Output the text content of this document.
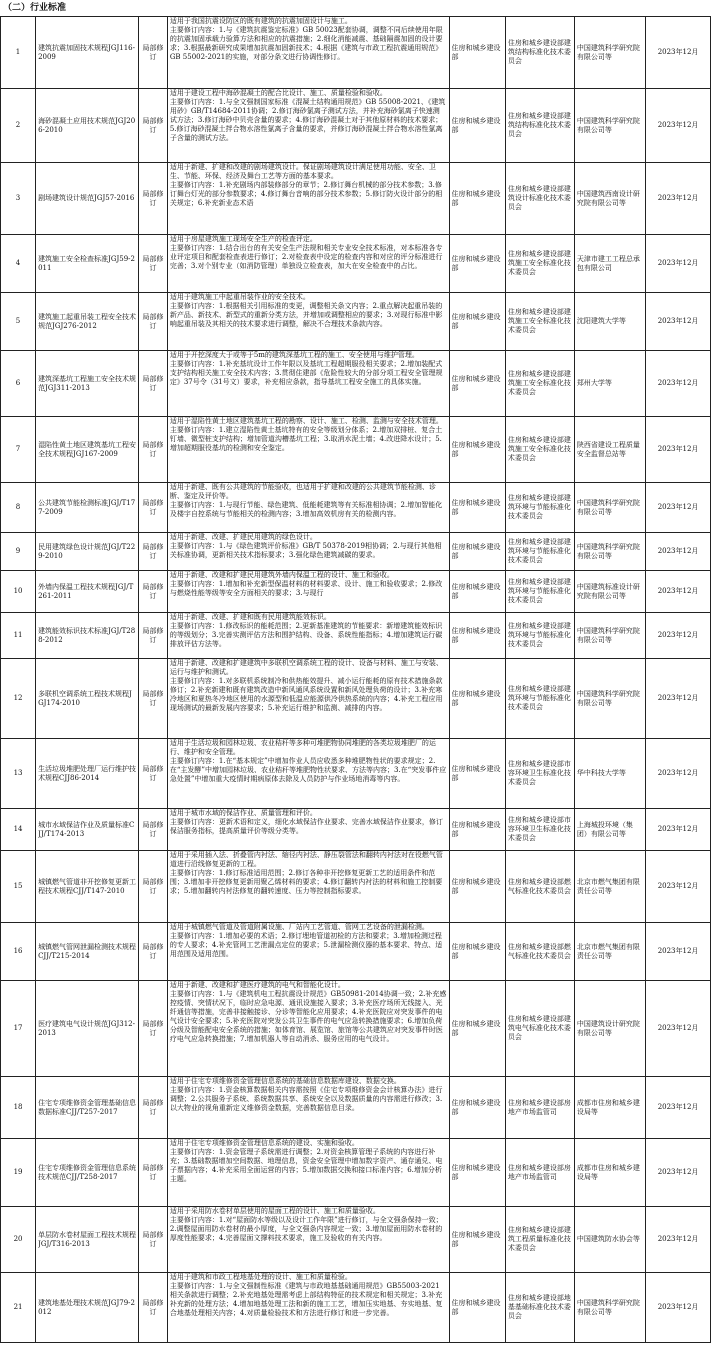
（二）行业标准
1	建筑抗震加固技术规程JGJ116-2009	局部修订	适用于我国抗震设防区的既有建筑的抗震加固设计与施工。
主要修订内容：1.与《建筑抗震鉴定标准》GB 50023配套协调，调整不同后续使用年限的抗震加固承载力验算方法和相应的抗震措施；2.细化消能减震、基础隔震加固的设计要求；3.根据最新研究成果增加抗震加固新技术；4.根据《建筑与市政工程抗震通用规范》GB 55002-2021的实施，对部分条文进行协调性修订。	住房和城乡建设部	住房和城乡建设部建筑结构标准化技术委员会	中国建筑科学研究院有限公司等	2023年12月

2	海砂混凝土应用技术规范JGJ206-2010	局部修订	适用于建设工程中海砂混凝土的配合比设计、施工、质量检验和验收。
主要修订内容：1.与全文强制国家标准《混凝土结构通用规范》GB 55008-2021、《建筑用砂》GB/T14684-2011协调；2.修订海砂氯离子测试方法，并补充海砂氯离子快速测试方法；3.修订海砂中贝壳含量的要求；4.修订海砂混凝土对于其他原材料的技术要求；5.修订海砂混凝土拌合物水溶性氯离子含量的要求，并修订海砂混凝土拌合物水溶性氯离子含量的测试方法。	住房和城乡建设部	住房和城乡建设部建筑结构标准化技术委员会	中国建筑科学研究院有限公司等	2023年12月

3	剧场建筑设计规范JGJ57-2016	局部修订	适用于新建、扩建和改建的剧场建筑设计。保证剧场建筑设计满足使用功能、安全、卫生、节能、环保、经济及舞台工艺等方面的基本要求。
主要修订内容：1.补充剧场内部装修部分的章节；2.修订舞台机械的部分技术参数；3.修订舞台灯光的部分参数要求；4.修订舞台音响的部分技术参数；5.修订防火设计部分的相关规定；6.补充新业态术语	住房和城乡建设部	住房和城乡建设部建筑设计标准化技术委员会	中国建筑西南设计研究院有限公司等	2023年12月

4	建筑施工安全检查标准JGJ59-2011	局部修订	适用于房屋建筑施工现场安全生产的检查评定。
主要修订内容：1.结合出台的有关安全生产法规和相关专业安全技术标准，对本标准各专业评定项目和配套检查表进行修订；2.对检查表中设定的检查内容和对应的评分标准进行完善；3.对个别专业（如消防管理）单独设立检查表，加大在安全检查中的占比。	住房和城乡建设部	住房和城乡建设部建筑施工安全标准化技术委员会	天津市建工工程总承包有限公司	2023年12月

5	建筑施工起重吊装工程安全技术规范JGJ276-2012	局部修订	适用于建筑施工中起重吊装作业的安全技术。
主要修订内容：1.根据相关引用标准的变更，调整相关条文内容；2.重点解决起重吊装的新产品、新技术、新型式的重新分类方法，并增加或调整相应的要求；3.对现行标准中影响起重吊装及其相关的技术要求进行调整，解决不合理技术条款内容。	住房和城乡建设部	住房和城乡建设部建筑施工安全标准化技术委员会	沈阳建筑大学等	2023年12月

6	建筑深基坑工程施工安全技术规范JGJ311-2013	局部修订	适用于开挖深度大于或等于5m的建筑深基坑工程的施工、安全使用与维护管理。
主要修订内容：1.补充基坑设计工作年限以及基坑工程超期服役相关要求；2.增加装配式支护结构相关施工安全技术内容；3.贯彻住建部《危险性较大的分部分项工程安全管理规定》37号令（31号文）要求，补充相应条款，指导基坑工程安全施工的具体实施。	住房和城乡建设部	住房和城乡建设部建筑施工安全标准化技术委员会	郑州大学等	2023年12月

7	湿陷性黄土地区建筑基坑工程安全技术规程JGJ167-2009	局部修订	适用于湿陷性黄土地区建筑基坑工程的勘察、设计、施工、检测、监测与安全技术管理。
主要修订内容：1.建立湿陷性黄土基坑特有的安全等级划分体系；2.增加双排桩、复合土钉墙、微型桩支护结构；增加管道沟槽基坑工程；3.取消水泥土墙；4.改进降水设计；5.增加超期服役基坑的检测和安全鉴定。	住房和城乡建设部	住房和城乡建设部建筑施工安全标准化技术委员会	陕西省建设工程质量安全监督总站等	2023年12月

8	公共建筑节能检测标准JGJ/T177-2009	局部修订	适用于新建、既有公共建筑的节能验收，也适用于扩建和改建的公共建筑节能检测、诊断、鉴定及评价等。
主要修订内容：1.与现行节能、绿色建筑、低能耗建筑等有关标准相协调；2.增加智能化及楼宇自控系统与节能相关的检测内容；3.增加高效机房有关的检测内容。	住房和城乡建设部	住房和城乡建设部建筑环境与节能标准化技术委员会	中国建筑科学研究院有限公司等	2023年12月

9	民用建筑绿色设计规范JGJ/T229-2010	局部修订	适用于新建、改建、扩建民用建筑的绿色设计。
主要修订内容：1.与《绿色建筑评价标准》GB/T 50378-2019相协调；2.与现行其他相关标准协调，更新相关技术指标要求；3.强化绿色建筑减碳的要求。	住房和城乡建设部	住房和城乡建设部建筑环境与节能标准化技术委员会	中国建筑科学研究院有限公司等	2023年12月

10	外墙内保温工程技术规程JGJ/T261-2011	局部修订	适用于新建、改建和扩建民用建筑外墙内保温工程的设计、施工和验收。
主要修订内容：1.增加和补充新型保温材料的材料要求、设计、施工和验收要求；2.修改与燃烧性能等级等安全方面相关的要求；3.与现行	住房和城乡建设部	住房和城乡建设部建筑环境与节能标准化技术委员会	中国建筑标准设计研究院有限公司等	2023年12月

11	建筑能效标识技术标准JGJ/T288-2012	局部修订	适用于新建、改建、扩建和既有民用建筑能效标识。
主要修订内容：1.修改标识的能耗范围；2.更新基准建筑的节能要求：新增建筑能效标识的等级划分；3.完善实测评估方法和围护结构、设备、系统性能指标；4.增加建筑运行碳排放评估方法等。	住房和城乡建设部	住房和城乡建设部建筑环境与节能标准化技术委员会	中国建筑科学研究院有限公司等	2023年12月

12	多联机空调系统工程技术规程JGJ174-2010	局部修订	适用于新建、改建和扩建建筑中多联机空调系统工程的设计、设备与材料、施工与安装、运行与维护和测试。
主要修订内容：1.对多联机系统制冷和供热能效提升、减小运行能耗的原有技术措施条款修订；2.补充新建和既有建筑改造中新风通风系统设置和新风处理负荷的设计；3.补充寒冷地区和夏热冬冷地区使用的水源型和低温应能源供冷供热系统的内容；4.补充工程应用现场测试的最新发展内容要求；5.补充运行维护和监测、减排的内容。	住房和城乡建设部	住房和城乡建设部建筑环境与节能标准化技术委员会	中国建筑科学研究院有限公司等	2023年12月

13	生活垃圾堆肥处理厂运行维护技术规程CJJ86-2014	局部修订	适用于生活垃圾和园林垃圾、农业秸秆等多种可堆肥物协同堆肥的各类垃圾堆肥厂的运行、维护和安全管理。
主要修订内容：1.在“基本规定”中增加作业人员应收悉多种堆肥物性状的要求规定；2.在“主发酵”中增加园林垃圾、农业秸秆等堆肥物性状要求、方法等内容；3.在“突发事件应急处置”中增加重大疫情时期病原体去除及人员防护与作业场地消毒等内容。	住房和城乡建设部	住房和城乡建设部市容环境卫生标准化技术委员会	华中科技大学等	2023年12月

14	城市水域保洁作业及质量标准CJJ/T174-2013	局部修订	适用于城市水域的保洁作业、质量管理和评价。
主要修订内容：更新术语和定义，细化水域保洁作业要求、完善水域保洁作业要求，修订保洁服务指标，提高质量评价等级分类等。	住房和城乡建设部	住房和城乡建设部市容环境卫生标准化技术委员会	上海城投环境（集团）有限公司等	2023年12月

15	城镇燃气管道非开挖修复更新工程技术规程CJJ/T147-2010	局部修订	适用于采用插入法、折叠管内衬法、缩径内衬法、静压裂管法和翻转内衬法对在役燃气管道进行沿线修复更新的工程。
主要修订内容：1.修订标准适用范围；2.修订各种非开挖修复更新工艺的适用条件和范围；3.增加非开挖修复更新用聚乙烯材料的要求；4.修订翻转内衬法的材料和施工控制要求；5.增加翻转内衬法修复的翻转速度、压力等控制指标要求。	住房和城乡建设部	住房和城乡建设部燃气标准化技术委员会	北京市燃气集团有限责任公司等	2023年12月

16	城镇燃气管网泄漏检测技术规程CJJ/T215-2014	局部修订	适用于城镇燃气管道及管道附属设施、厂站内工艺管道、管网工艺设备的泄漏检测。
主要修订内容：1.增加必要的术语；2.修订埋地管道初检的方法和要求；3.增加检测过程的专人要求；4.补充管网工艺泄漏点定位的要求；5.泄漏检测仪器的基本要求、特点、适用范围及适用范围。	住房和城乡建设部	住房和城乡建设部燃气标准化技术委员会	北京市燃气集团有限责任公司等	2023年12月

17	医疗建筑电气设计规范JGJ312-2013	局部修订	适用于新建、改建和扩建医疗建筑的电气和智能化设计。
主要修订内容：1.与《建筑机电工程抗震设计规范》GB50981-2014协调一致；2.补充感控疫情、突情状况下，临时应急电源、通讯设施接入要求；3.补充医疗场所无线接入、光纤通信等措施，完善非接触接诊、分诊等智能化应用要求；4.补充医院应对突发事件的电气设计安全要求；5.补充医院对突发公共卫生事件的电气应急转换措施要求；6.增加负荷分级及智能配电安全系统的措施；如体育馆、展览馆、旅馆等公共建筑应对突发事件时医疗电气应急转换措施；7.增加机器人等自动消杀、服务应用的电气设计。	住房和城乡建设部	住房和城乡建设部建筑电气标准化技术委员会	中国建筑设计研究院有限公司等	2023年12月

18	住宅专项维修资金管理基础信息数据标准CJJ/T257-2017	局部修订	适用于住宅专项维修资金管理信息系统的基础信息数据库建设、数据交换。
主要修订内容：1.资金核算数据相关内容需按照《住宅专项维修资金会计核算办法》进行调整；2.公共服务子系统、系统数据共享、系统安全以及数据质量的内容需进行修改；3.以大物业的视角重新定义维修资金数据，完善数据信息目录。	住房和城乡建设部	住房和城乡建设部房地产市场监管司	成都市住房和城乡建设局等	2023年12月

19	住宅专项维修资金管理信息系统技术规范CJJ/T258-2017	局部修订	适用于住宅专项维修资金管理信息系统的建设、实施和验收。
主要修订内容：1.资金管理子系统需进行调整；2.对资金核算管理子系统的内容进行补充；3.基础数据增加空间数据、地理信息，资金安全管理中增加数字资产、通存通兑、电子票据内容；4.补充采用全面运营的内容；5.增加数据交换和接口标准内容；6.增加分析主题。	住房和城乡建设部	住房和城乡建设部房地产市场监管司	成都市住房和城乡建设局等	2023年12月

20	单层防水卷材屋面工程技术规程JGJ/T316-2013	局部修订	适用于采用防水卷材单层使用的屋面工程的设计、施工和质量验收。
主要修订内容：1.对“屋面防水等级以及设计工作年限”进行修订，与全文强条保持一致；2.调整屋面用防水卷材的最小厚度，与全文强条内容规定一致；3.增加屋面用防水卷材的厚度性能要求；4.完善屋面文撑料技术要求，施工及验收的有关内容。	住房和城乡建设部	住房和城乡建设部建筑工程质量标准化技术委员会	中国建筑防水协会等	2023年12月

21	建筑地基处理技术规范JGJ79-2012	局部修订	适用于建筑和市政工程地基处理的设计、施工和质量检验。
主要修订内容：1.与全文强制性标准《建筑与市政地基基础通用规范》GB55003-2021相关条款进行调整；2.补充地基处理需考虑上部结构特征的技术规定和相关规定；3.补充补充新的处理方法；4.增加地基处理工法和新的施工工艺，增加压实地基、夯实地基、复合地基处理相关内容；4.对质量检验技术和方法进行修订和进一步完善。	住房和城乡建设部	住房和城乡建设部地基基础标准化技术委员会	中国建筑科学研究院有限公司等	2023年12月
